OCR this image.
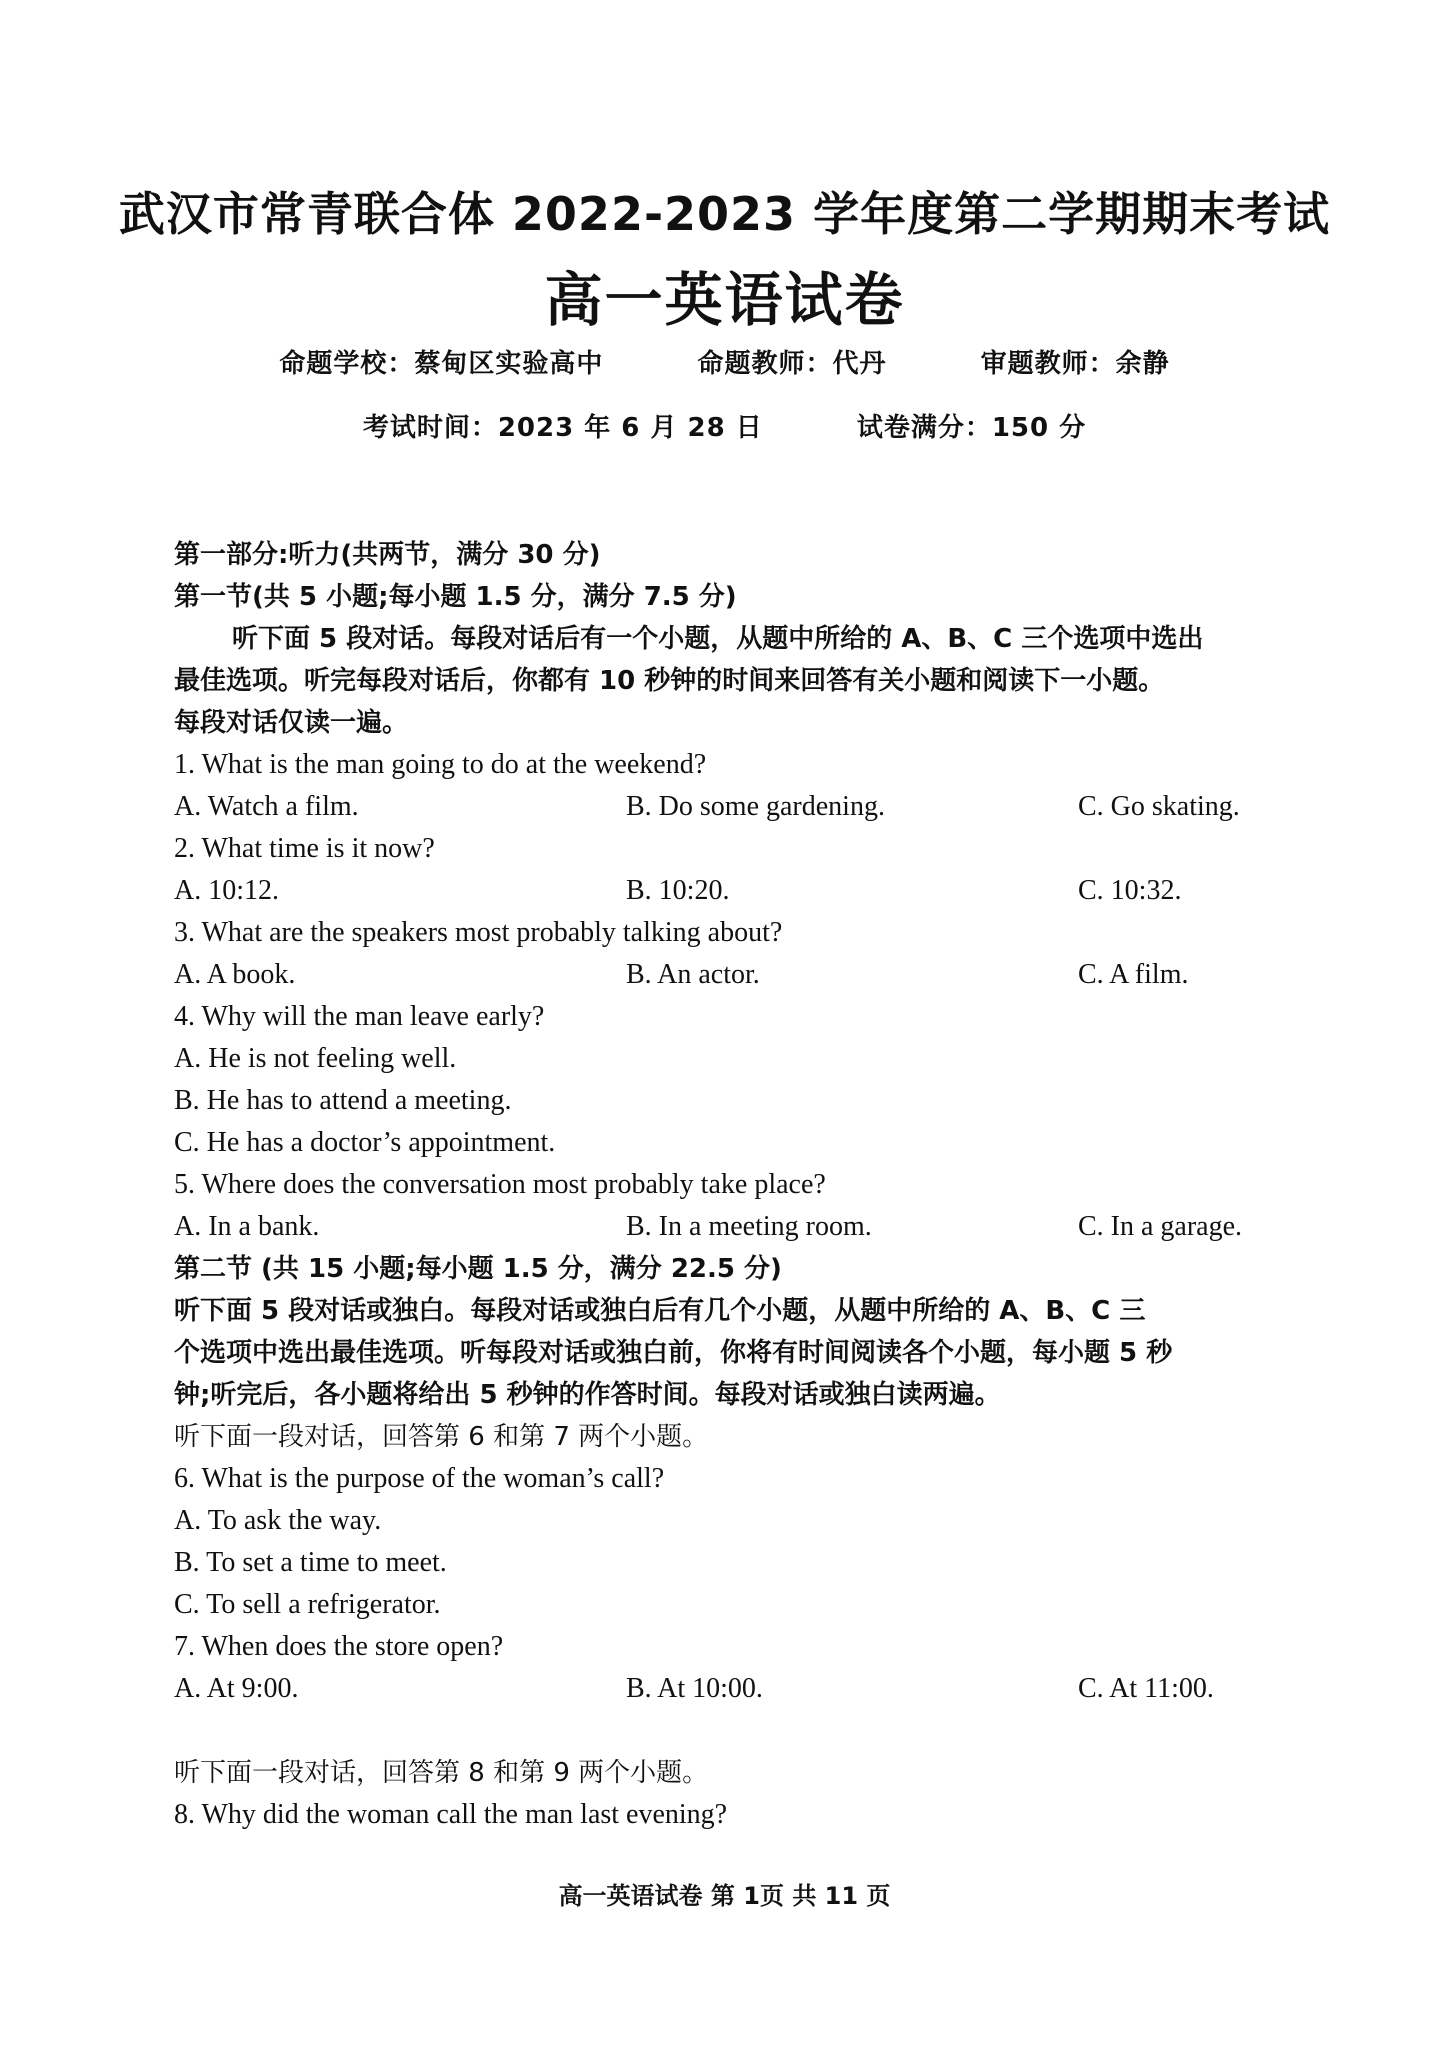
武汉市常青联合体 2022-2023 学年度第二学期期末考试
高一英语试卷
命题学校：蔡甸区实验高中	命题教师：代丹	审题教师：余静
考试时间：2023 年 6 月 28 日	试卷满分：150 分
第一部分:听力(共两节，满分 30 分)
第一节(共 5 小题;每小题 1.5 分，满分 7.5 分)
听下面 5 段对话。每段对话后有一个小题，从题中所给的 A、B、C 三个选项中选出
最佳选项。听完每段对话后，你都有 10 秒钟的时间来回答有关小题和阅读下一小题。
每段对话仅读一遍。
1. What is the man going to do at the weekend?
A. Watch a film.	B. Do some gardening.	C. Go skating.
2. What time is it now?
A. 10:12.	B. 10:20.	C. 10:32.
3. What are the speakers most probably talking about?
A. A book.	B. An actor.	C. A film.
4. Why will the man leave early?
A. He is not feeling well.
B. He has to attend a meeting.
C. He has a doctor’s appointment.
5. Where does the conversation most probably take place?
A. In a bank.	B. In a meeting room.	C. In a garage.
第二节 (共 15 小题;每小题 1.5 分，满分 22.5 分)
听下面 5 段对话或独白。每段对话或独白后有几个小题，从题中所给的 A、B、C 三
个选项中选出最佳选项。听每段对话或独白前，你将有时间阅读各个小题，每小题 5 秒
钟;听完后，各小题将给出 5 秒钟的作答时间。每段对话或独白读两遍。
听下面一段对话，回答第 6 和第 7 两个小题。
6. What is the purpose of the woman’s call?
A. To ask the way.
B. To set a time to meet.
C. To sell a refrigerator.
7. When does the store open?
A. At 9:00.	B. At 10:00.	C. At 11:00.
听下面一段对话，回答第 8 和第 9 两个小题。
8. Why did the woman call the man last evening?
高一英语试卷 第 1页 共 11 页
